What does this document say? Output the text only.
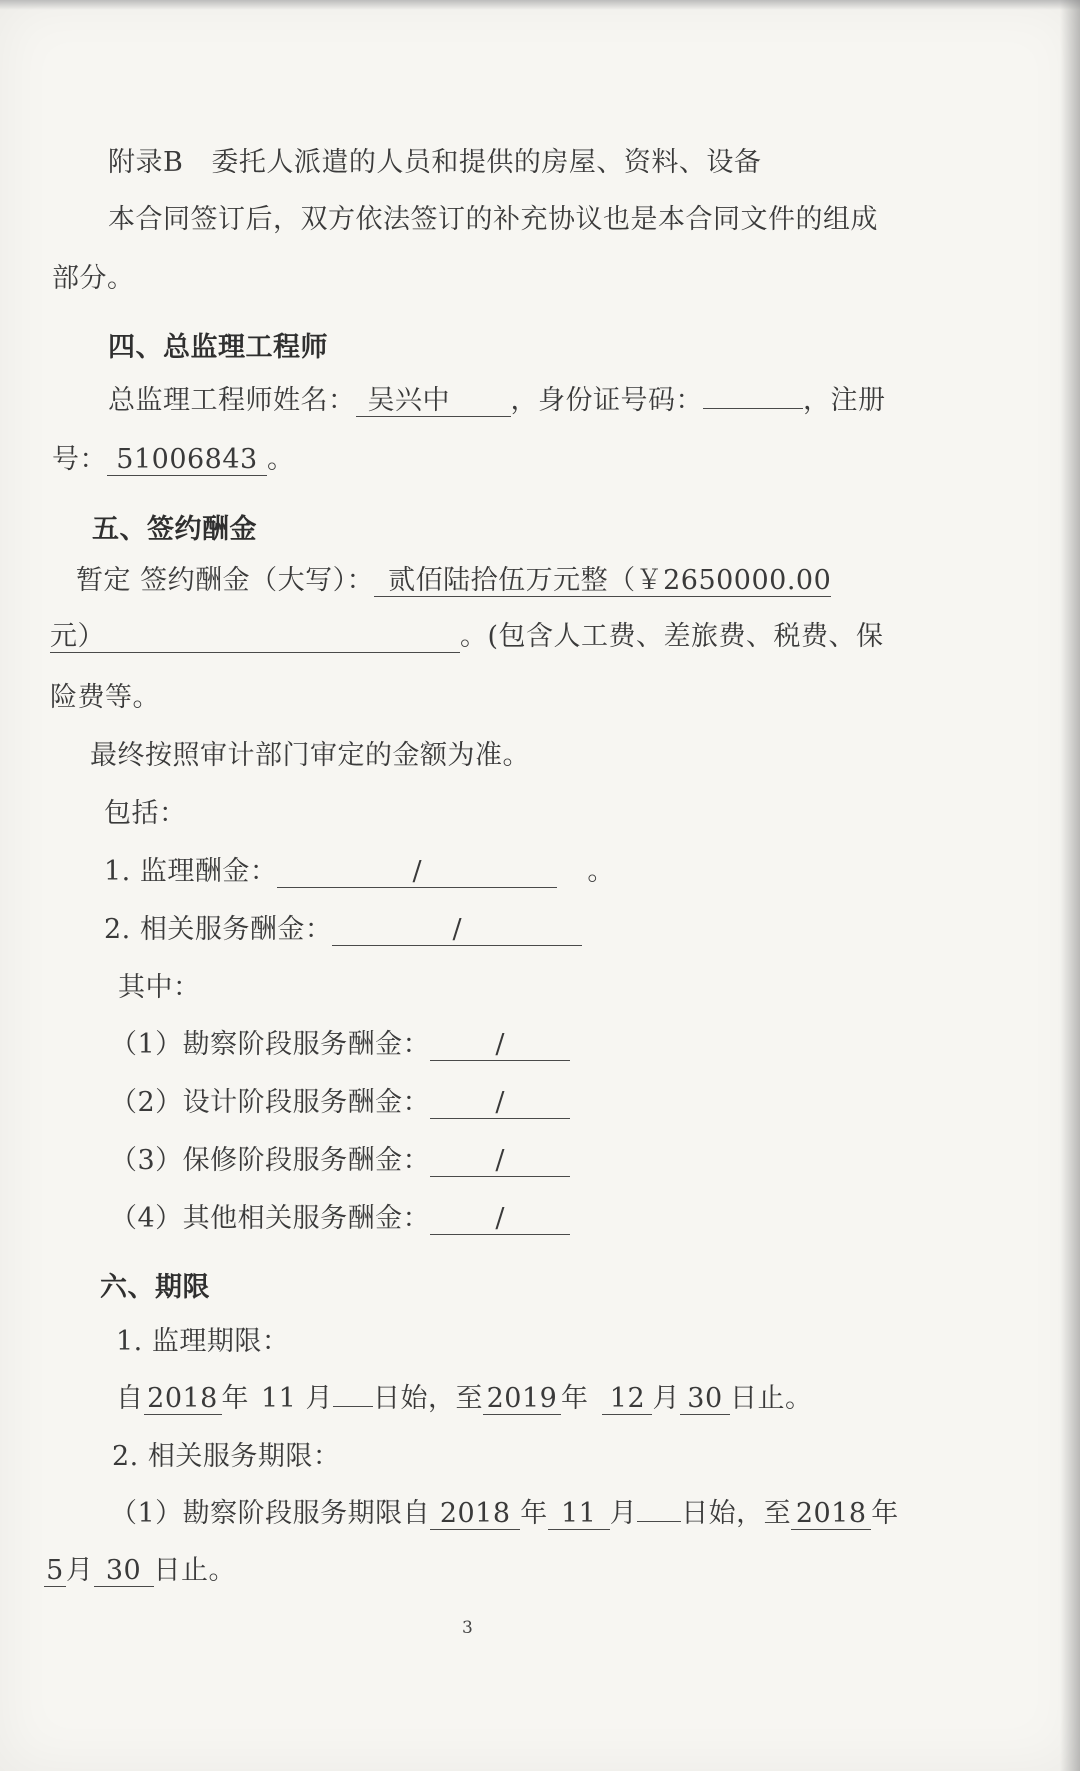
附录B 委托人派遣的人员和提供的房屋、资料、设备
本合同签订后，双方依法签订的补充协议也是本合同文件的组成
部分。
四、总监理工程师
总监理工程师姓名： 吴兴中 ，身份证号码：	，注册
号： 51006843 。
五、签约酬金
暂定 签约酬金（大写）： 贰佰陆拾伍万元整（￥2650000.00
元）	。(包含人工费、差旅费、税费、保
险费等。
最终按照审计部门审定的金额为准。
包括：
1. 监理酬金：	/	。
2. 相关服务酬金：	/
其中：
（1）勘察阶段服务酬金： /
（2）设计阶段服务酬金： /
（3）保修阶段服务酬金： /
（4）其他相关服务酬金： /
六、期限
1. 监理期限：
自 2018 年 11 月 日始，至 2019 年 12 月 30 日止。
2. 相关服务期限：
（1）勘察阶段服务期限自 2018 年 11 月 日始，至 2018 年
5月 30 日止。
3
